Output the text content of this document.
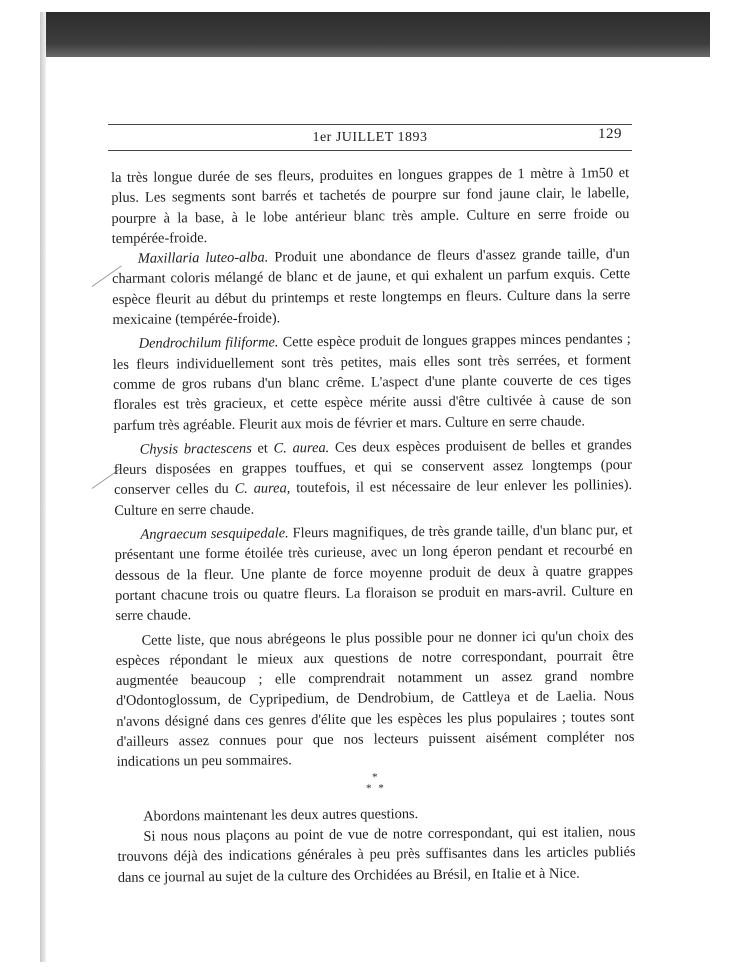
1er JUILLET 1893	129

la très longue durée de ses fleurs, produites en longues grappes de 1 mètre à 1m50 et plus. Les segments sont barrés et tachetés de pourpre sur fond jaune clair, le labelle, pourpre à la base, à le lobe antérieur blanc très ample. Culture en serre froide ou tempérée-froide.

Maxillaria luteo-alba. Produit une abondance de fleurs d'assez grande taille, d'un charmant coloris mélangé de blanc et de jaune, et qui exhalent un parfum exquis. Cette espèce fleurit au début du printemps et reste longtemps en fleurs. Culture dans la serre mexicaine (tempérée-froide).

Dendrochilum filiforme. Cette espèce produit de longues grappes minces pendantes ; les fleurs individuellement sont très petites, mais elles sont très serrées, et forment comme de gros rubans d'un blanc crême. L'aspect d'une plante couverte de ces tiges florales est très gracieux, et cette espèce mérite aussi d'être cultivée à cause de son parfum très agréable. Fleurit aux mois de février et mars. Culture en serre chaude.

Chysis bractescens et C. aurea. Ces deux espèces produisent de belles et grandes fleurs disposées en grappes touffues, et qui se conservent assez longtemps (pour conserver celles du C. aurea, toutefois, il est nécessaire de leur enlever les pollinies). Culture en serre chaude.

Angraecum sesquipedale. Fleurs magnifiques, de très grande taille, d'un blanc pur, et présentant une forme étoilée très curieuse, avec un long éperon pendant et recourbé en dessous de la fleur. Une plante de force moyenne produit de deux à quatre grappes portant chacune trois ou quatre fleurs. La floraison se produit en mars-avril. Culture en serre chaude.

Cette liste, que nous abrégeons le plus possible pour ne donner ici qu'un choix des espèces répondant le mieux aux questions de notre correspondant, pourrait être augmentée beaucoup ; elle comprendrait notamment un assez grand nombre d'Odontoglossum, de Cypripedium, de Dendrobium, de Cattleya et de Laelia. Nous n'avons désigné dans ces genres d'élite que les espèces les plus populaires ; toutes sont d'ailleurs assez connues pour que nos lecteurs puissent aisément compléter nos indications un peu sommaires.

*

* *

Abordons maintenant les deux autres questions.

Si nous nous plaçons au point de vue de notre correspondant, qui est italien, nous trouvons déjà des indications générales à peu près suffisantes dans les articles publiés dans ce journal au sujet de la culture des Orchidées au Brésil, en Italie et à Nice.
